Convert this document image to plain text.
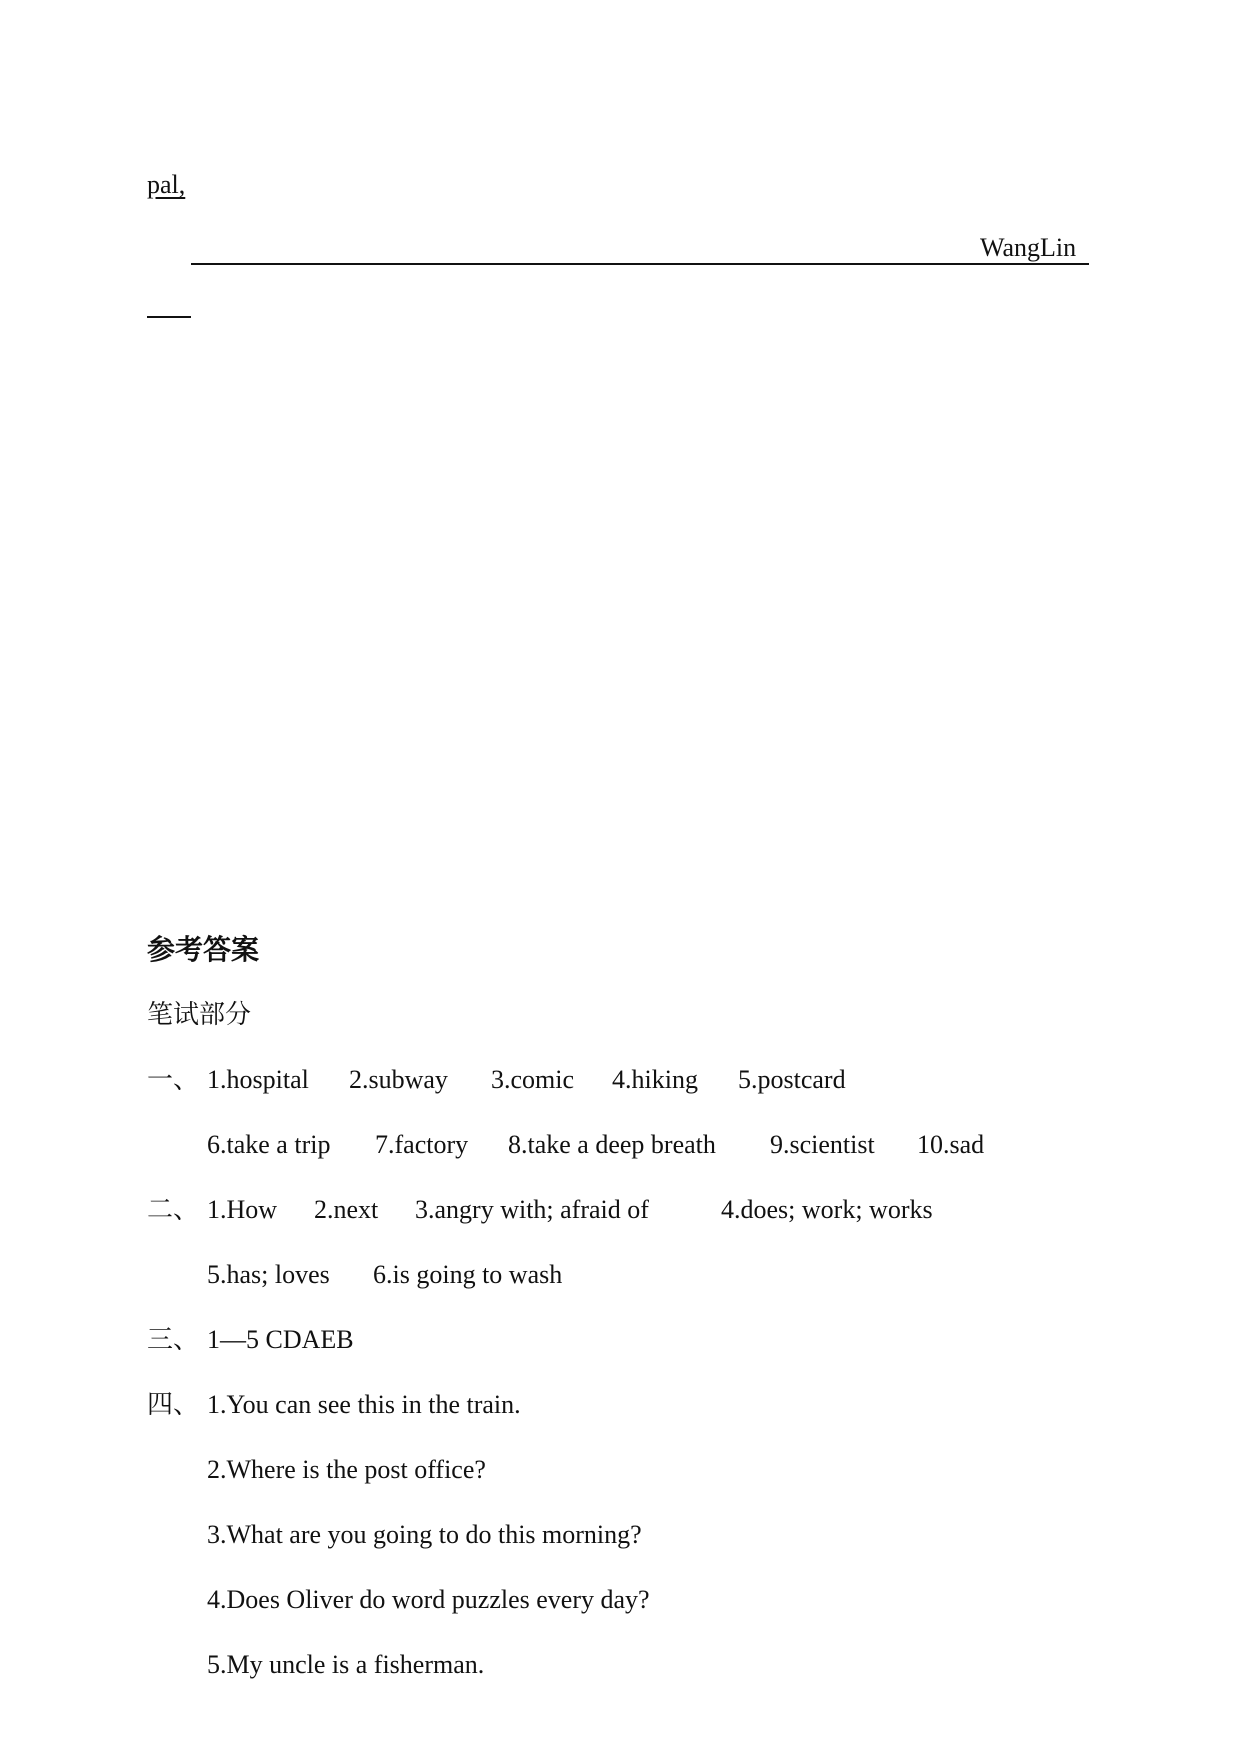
pal,
WangLin
参考答案
笔试部分
一、 1.hospital 2.subway 3.comic 4.hiking 5.postcard
6.take a trip 7.factory 8.take a deep breath 9.scientist 10.sad
二、 1.How 2.next 3.angry with; afraid of	4.does; work; works
5.has; loves 6.is going to wash
三、 1—5 CDAEB
四、 1.You can see this in the train.
2.Where is the post office?
3.What are you going to do this morning?
4.Does Oliver do word puzzles every day?
5.My uncle is a fisherman.
